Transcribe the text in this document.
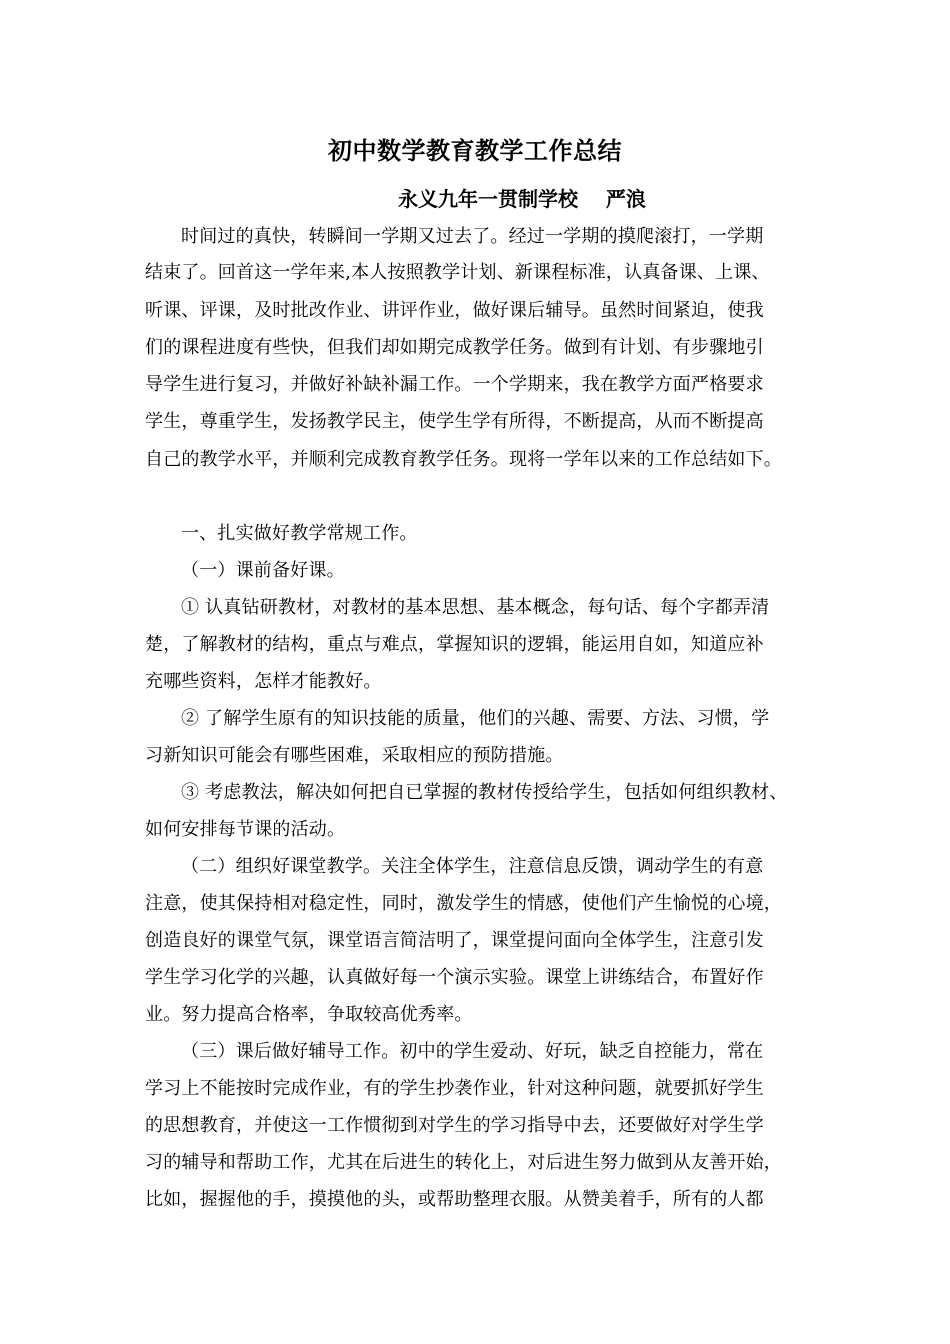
初中数学教育教学工作总结
永义九年一贯制学校    严浪
时间过的真快，转瞬间一学期又过去了。经过一学期的摸爬滚打，一学期
结束了。回首这一学年来,本人按照教学计划、新课程标准，认真备课、上课、
听课、评课，及时批改作业、讲评作业，做好课后辅导。虽然时间紧迫，使我
们的课程进度有些快，但我们却如期完成教学任务。做到有计划、有步骤地引
导学生进行复习，并做好补缺补漏工作。一个学期来，我在教学方面严格要求
学生，尊重学生，发扬教学民主，使学生学有所得，不断提高，从而不断提高
自己的教学水平，并顺利完成教育教学任务。现将一学年以来的工作总结如下。
一、扎实做好教学常规工作。
（一）课前备好课。
① 认真钻研教材，对教材的基本思想、基本概念，每句话、每个字都弄清
楚，了解教材的结构，重点与难点，掌握知识的逻辑，能运用自如，知道应补
充哪些资料，怎样才能教好。
② 了解学生原有的知识技能的质量，他们的兴趣、需要、方法、习惯，学
习新知识可能会有哪些困难，采取相应的预防措施。
③ 考虑教法，解决如何把自已掌握的教材传授给学生，包括如何组织教材、
如何安排每节课的活动。
（二）组织好课堂教学。关注全体学生，注意信息反馈，调动学生的有意
注意，使其保持相对稳定性，同时，激发学生的情感，使他们产生愉悦的心境，
创造良好的课堂气氛，课堂语言简洁明了，课堂提问面向全体学生，注意引发
学生学习化学的兴趣，认真做好每一个演示实验。课堂上讲练结合，布置好作
业。努力提高合格率，争取较高优秀率。
（三）课后做好辅导工作。初中的学生爱动、好玩，缺乏自控能力，常在
学习上不能按时完成作业，有的学生抄袭作业，针对这种问题，就要抓好学生
的思想教育，并使这一工作惯彻到对学生的学习指导中去，还要做好对学生学
习的辅导和帮助工作，尤其在后进生的转化上，对后进生努力做到从友善开始，
比如，握握他的手，摸摸他的头，或帮助整理衣服。从赞美着手，所有的人都
